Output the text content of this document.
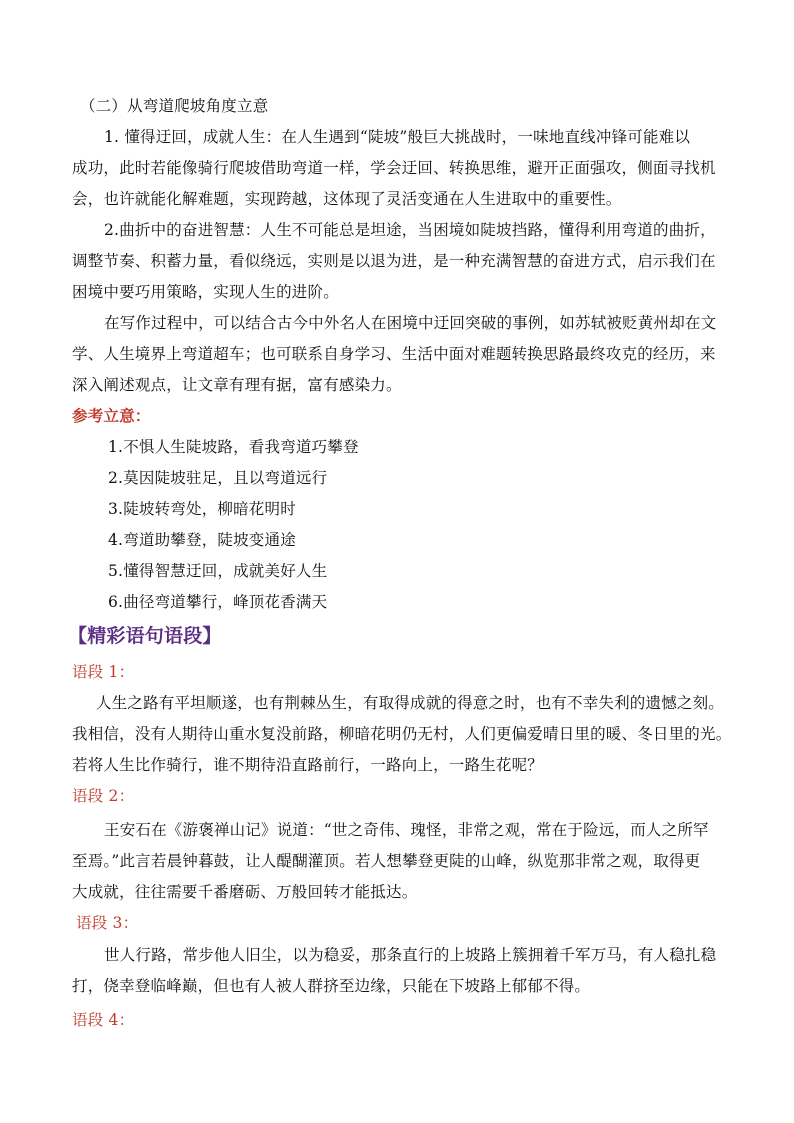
（二）从弯道爬坡角度立意
1. 懂得迂回，成就人生：在人生遇到“陡坡”般巨大挑战时，一味地直线冲锋可能难以
成功，此时若能像骑行爬坡借助弯道一样，学会迂回、转换思维，避开正面强攻，侧面寻找机
会，也许就能化解难题，实现跨越，这体现了灵活变通在人生进取中的重要性。
2.曲折中的奋进智慧：人生不可能总是坦途，当困境如陡坡挡路，懂得利用弯道的曲折，
调整节奏、积蓄力量，看似绕远，实则是以退为进，是一种充满智慧的奋进方式，启示我们在
困境中要巧用策略，实现人生的进阶。
在写作过程中，可以结合古今中外名人在困境中迂回突破的事例，如苏轼被贬黄州却在文
学、人生境界上弯道超车；也可联系自身学习、生活中面对难题转换思路最终攻克的经历，来
深入阐述观点，让文章有理有据，富有感染力。
参考立意：
1.不惧人生陡坡路，看我弯道巧攀登
2.莫因陡坡驻足，且以弯道远行
3.陡坡转弯处，柳暗花明时
4.弯道助攀登，陡坡变通途
5.懂得智慧迂回，成就美好人生
6.曲径弯道攀行，峰顶花香满天
【精彩语句语段】
语段 1：
人生之路有平坦顺遂，也有荆棘丛生，有取得成就的得意之时，也有不幸失利的遗憾之刻。
我相信，没有人期待山重水复没前路，柳暗花明仍无村，人们更偏爱晴日里的暖、冬日里的光。
若将人生比作骑行，谁不期待沿直路前行，一路向上，一路生花呢？
语段 2：
王安石在《游褒禅山记》说道：“世之奇伟、瑰怪，非常之观，常在于险远，而人之所罕
至焉。”此言若晨钟暮鼓，让人醍醐灌顶。若人想攀登更陡的山峰，纵览那非常之观，取得更
大成就，往往需要千番磨砺、万般回转才能抵达。
语段 3：
世人行路，常步他人旧尘，以为稳妥，那条直行的上坡路上簇拥着千军万马，有人稳扎稳
打，侥幸登临峰巅，但也有人被人群挤至边缘，只能在下坡路上郁郁不得。
语段 4：
